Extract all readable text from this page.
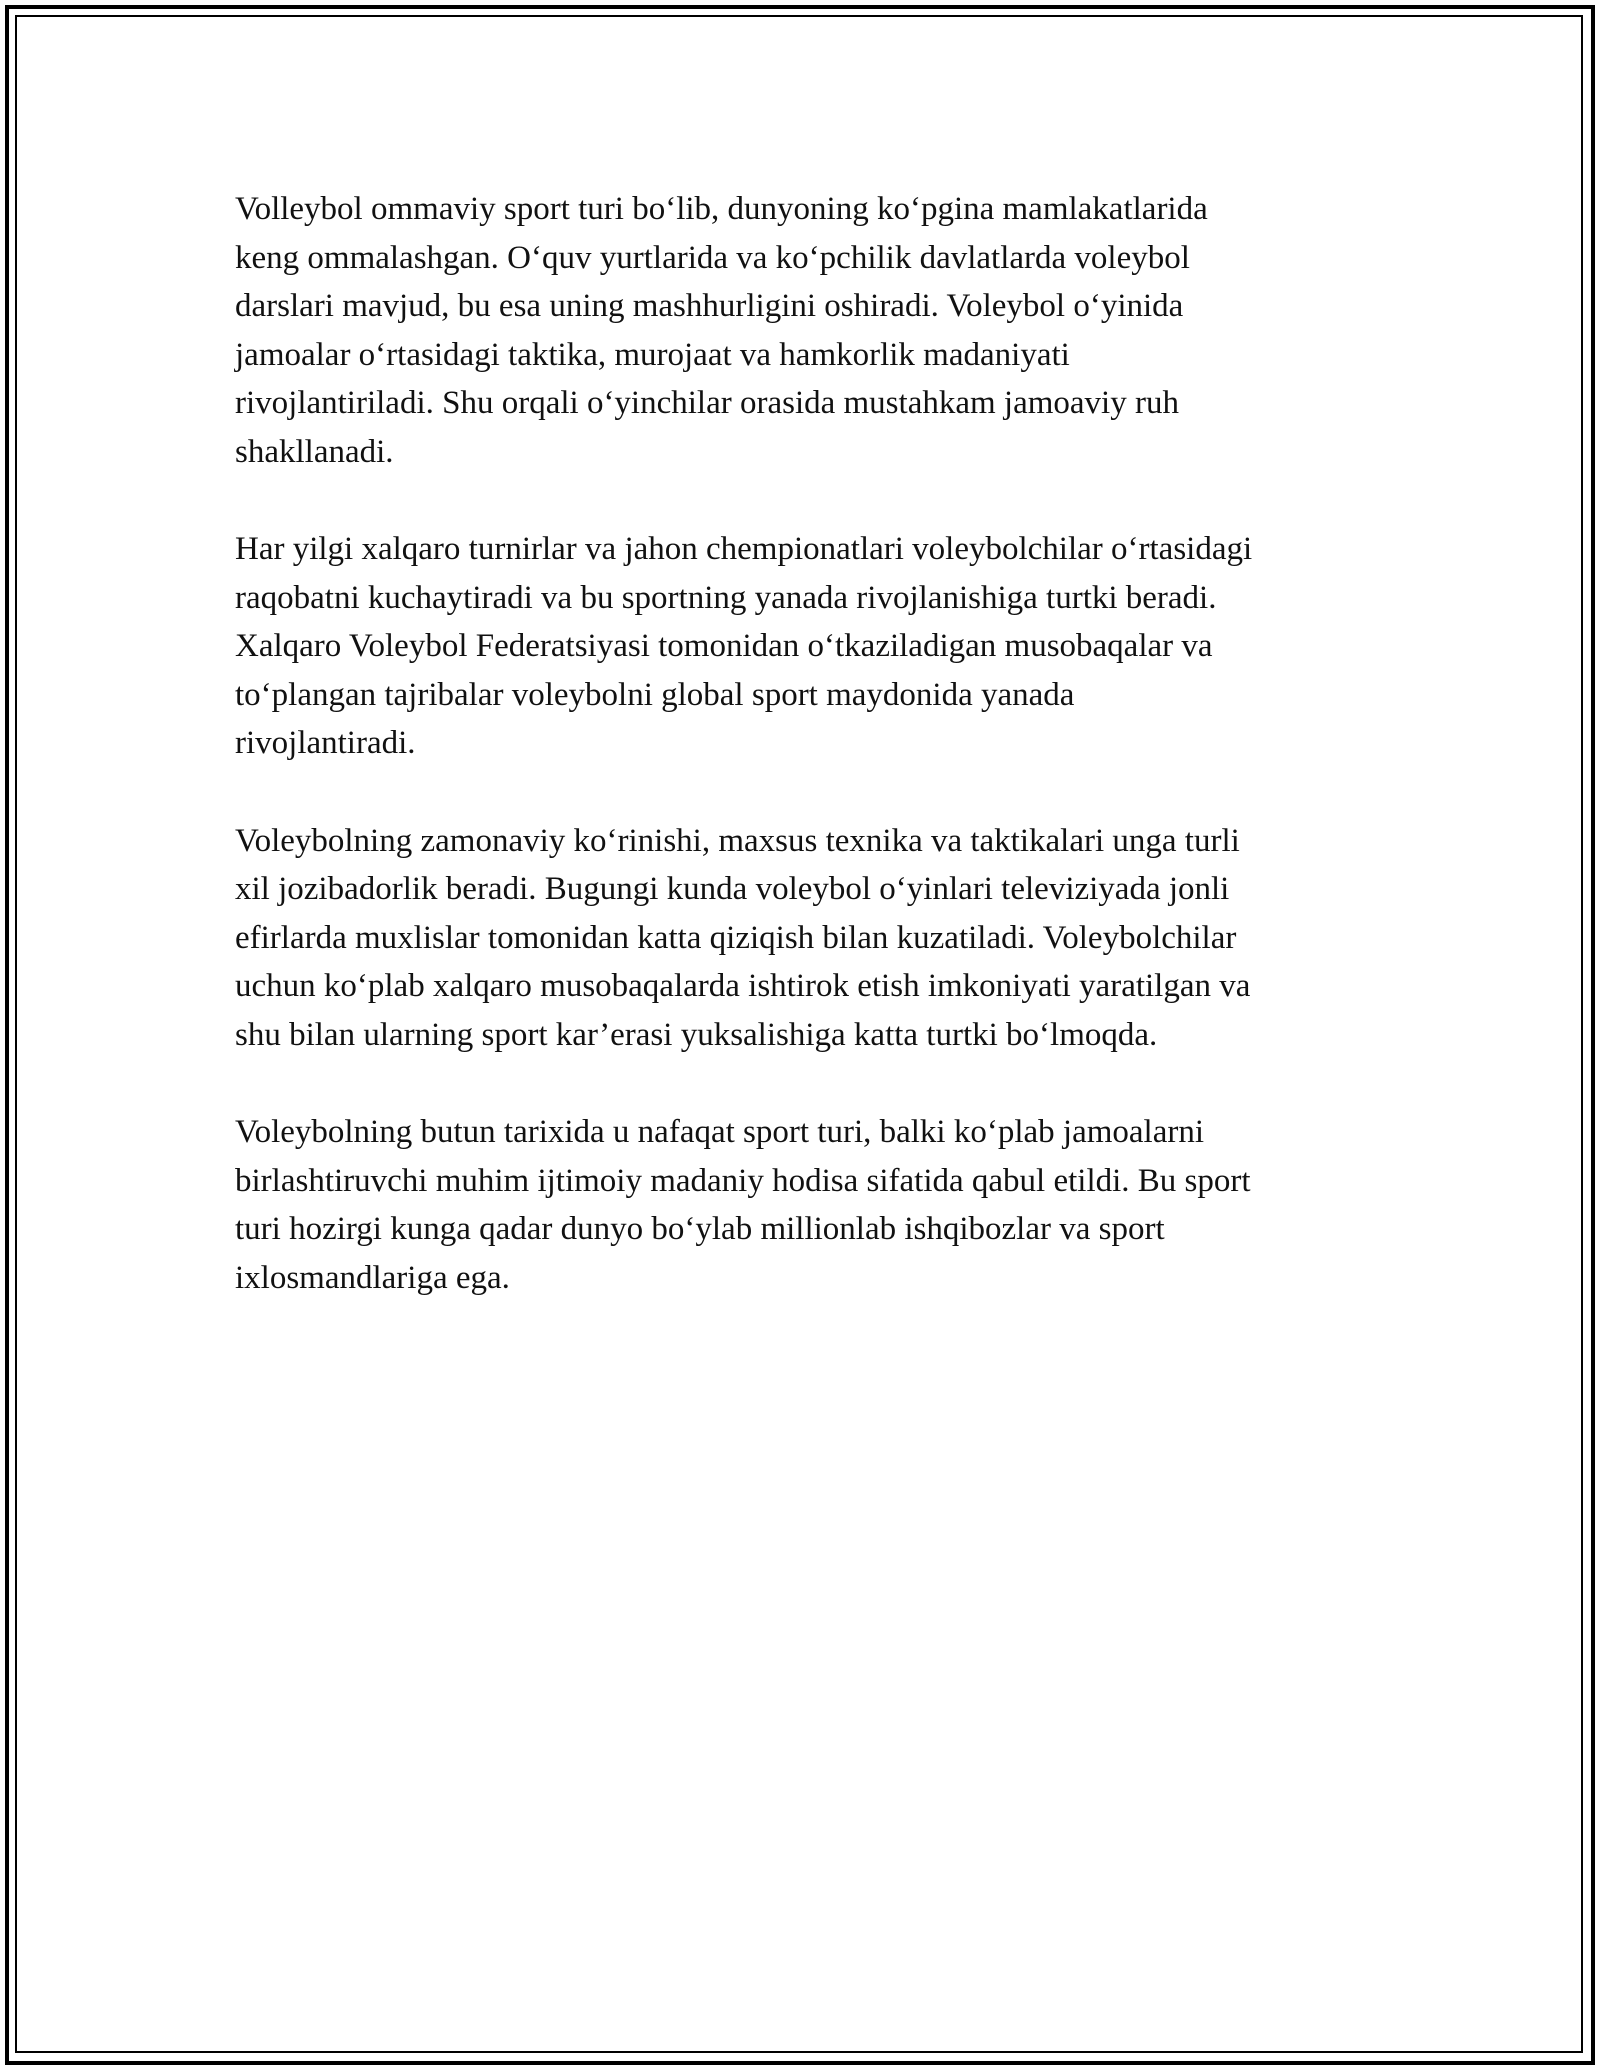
Volleybol ommaviy sport turi bo‘lib, dunyoning ko‘pgina mamlakatlarida
keng ommalashgan. O‘quv yurtlarida va ko‘pchilik davlatlarda voleybol
darslari mavjud, bu esa uning mashhurligini oshiradi. Voleybol o‘yinida
jamoalar o‘rtasidagi taktika, murojaat va hamkorlik madaniyati
rivojlantiriladi. Shu orqali o‘yinchilar orasida mustahkam jamoaviy ruh
shakllanadi.

Har yilgi xalqaro turnirlar va jahon chempionatlari voleybolchilar o‘rtasidagi
raqobatni kuchaytiradi va bu sportning yanada rivojlanishiga turtki beradi.
Xalqaro Voleybol Federatsiyasi tomonidan o‘tkaziladigan musobaqalar va
to‘plangan tajribalar voleybolni global sport maydonida yanada
rivojlantiradi.

Voleybolning zamonaviy ko‘rinishi, maxsus texnika va taktikalari unga turli
xil jozibadorlik beradi. Bugungi kunda voleybol o‘yinlari televiziyada jonli
efirlarda muxlislar tomonidan katta qiziqish bilan kuzatiladi. Voleybolchilar
uchun ko‘plab xalqaro musobaqalarda ishtirok etish imkoniyati yaratilgan va
shu bilan ularning sport kar’erasi yuksalishiga katta turtki bo‘lmoqda.

Voleybolning butun tarixida u nafaqat sport turi, balki ko‘plab jamoalarni
birlashtiruvchi muhim ijtimoiy madaniy hodisa sifatida qabul etildi. Bu sport
turi hozirgi kunga qadar dunyo bo‘ylab millionlab ishqibozlar va sport
ixlosmandlariga ega.
